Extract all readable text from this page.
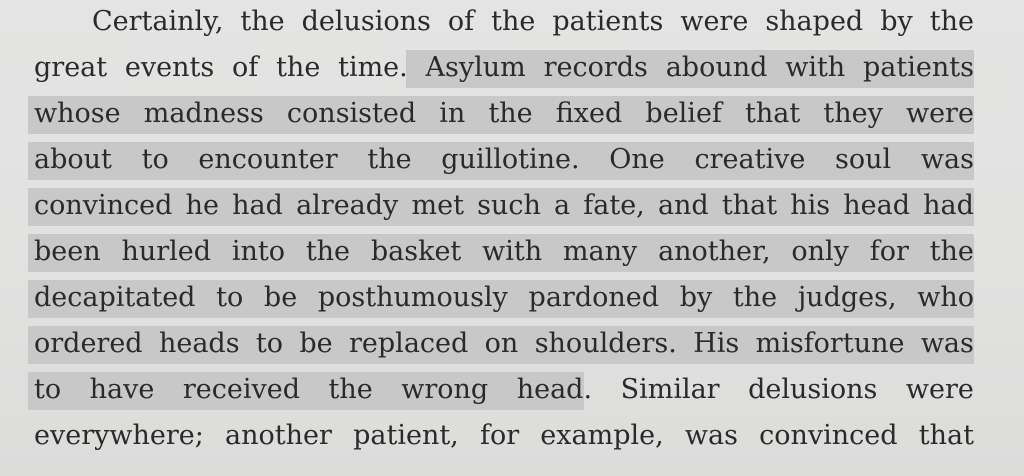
Certainly, the delusions of the patients were shaped by the
great events of the time. Asylum records abound with patients
whose madness consisted in the fixed belief that they were
about to encounter the guillotine. One creative soul was
convinced he had already met such a fate, and that his head had
been hurled into the basket with many another, only for the
decapitated to be posthumously pardoned by the judges, who
ordered heads to be replaced on shoulders. His misfortune was
to have received the wrong head. Similar delusions were
everywhere; another patient, for example, was convinced that
